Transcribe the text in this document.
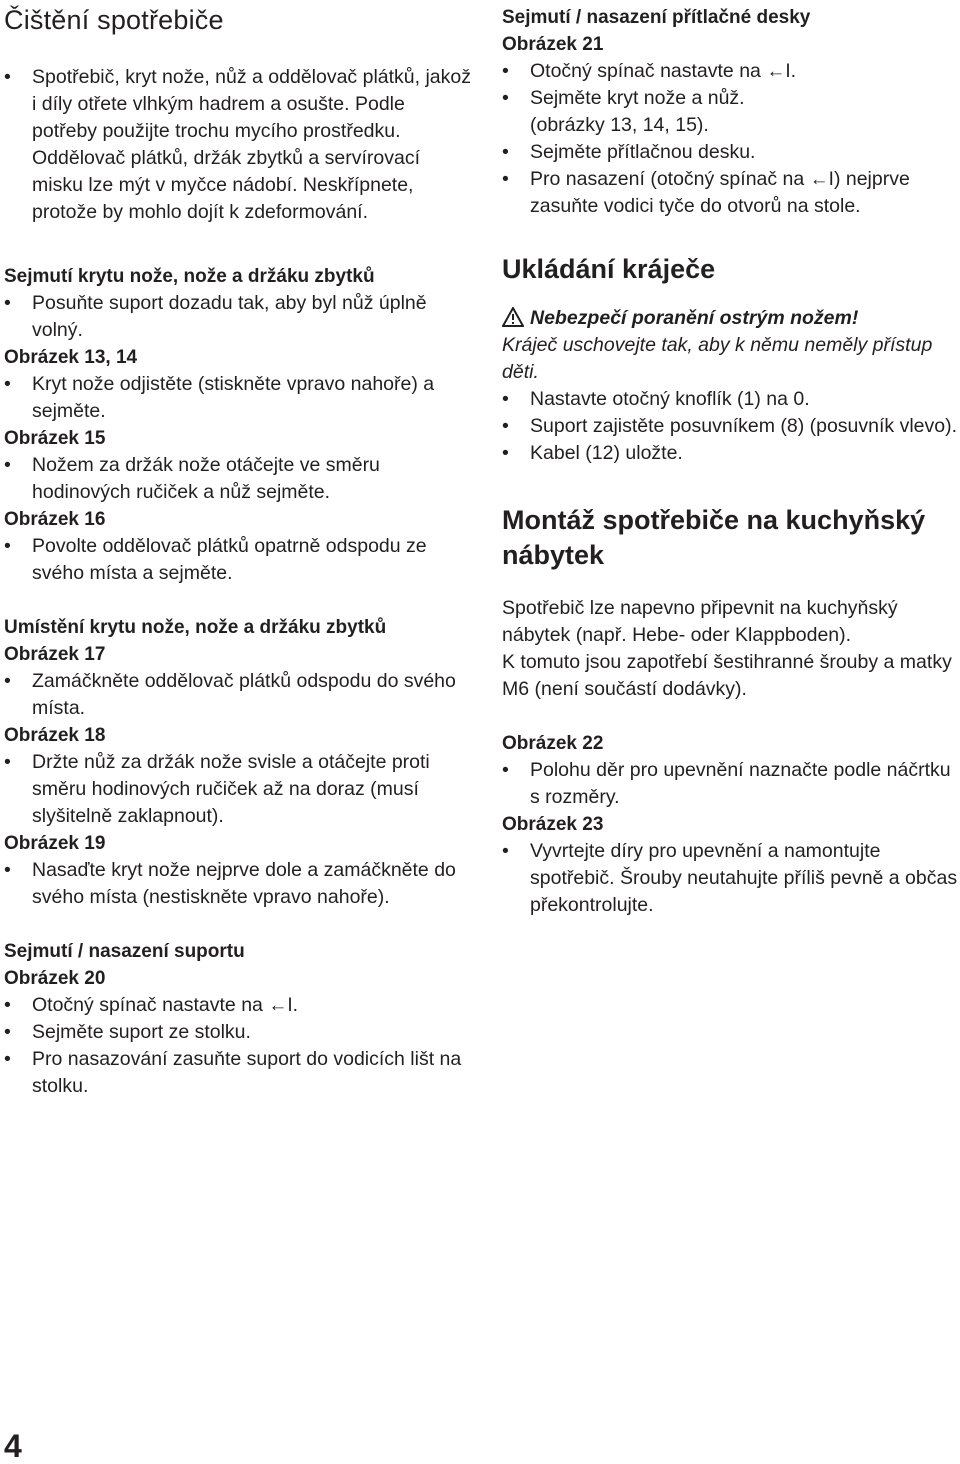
Čištění spotřebiče
• Spotřebič, kryt nože, nůž a oddělovač plátků, jakož i díly otřete vlhkým hadrem a osušte. Podle potřeby použijte trochu mycího prostředku. Oddělovač plátků, držák zbytků a servírovací misku lze mýt v myčce nádobí. Neskřípnete, protože by mohlo dojít k zdeformování.
Sejmutí krytu nože, nože a držáku zbytků
• Posuňte suport dozadu tak, aby byl nůž úplně volný.
Obrázek 13, 14
• Kryt nože odjistěte (stiskněte vpravo nahoře) a sejměte.
Obrázek 15
• Nožem za držák nože otáčejte ve směru hodinových ručiček a nůž sejměte.
Obrázek 16
• Povolte oddělovač plátků opatrně odspodu ze svého místa a sejměte.
Umístění krytu nože, nože a držáku zbytků
Obrázek 17
• Zamáčkněte oddělovač plátků odspodu do svého místa.
Obrázek 18
• Držte nůž za držák nože svisle a otáčejte proti směru hodinových ručiček až na doraz (musí slyšitelně zaklapnout).
Obrázek 19
• Nasaďte kryt nože nejprve dole a zamáčkněte do svého místa (nestiskněte vpravo nahoře).
Sejmutí / nasazení suportu
Obrázek 20
• Otočný spínač nastavte na ←I.
• Sejměte suport ze stolku.
• Pro nasazování zasuňte suport do vodicích lišt na stolku.
4
Sejmutí / nasazení přítlačné desky
Obrázek 21
• Otočný spínač nastavte na ←I.
• Sejměte kryt nože a nůž.
(obrázky 13, 14, 15).
• Sejměte přítlačnou desku.
• Pro nasazení (otočný spínač na ←I) nejprve zasuňte vodici tyče do otvorů na stole.
Ukládání kráječe
Nebezpečí poranění ostrým nožem!

Kráječ uschovejte tak, aby k němu neměly přístup děti.

• Nastavte otočný knoflík (1) na 0.
• Suport zajistěte posuvníkem (8) (posuvník vlevo).
• Kabel (12) uložte.
Montáž spotřebiče na kuchyňský nábytek

Spotřebič lze napevno připevnit na kuchyňský nábytek (např. Hebe- oder Klappboden).

K tomuto jsou zapotřebí šestihranné šrouby a matky M6 (není součástí dodávky).

Obrázek 22
• Polohu děr pro upevnění naznačte podle náčrtku s rozměry.
Obrázek 23
• Vyvrtejte díry pro upevnění a namontujte spotřebič. Šrouby neutahujte příliš pevně a občas překontrolujte.
